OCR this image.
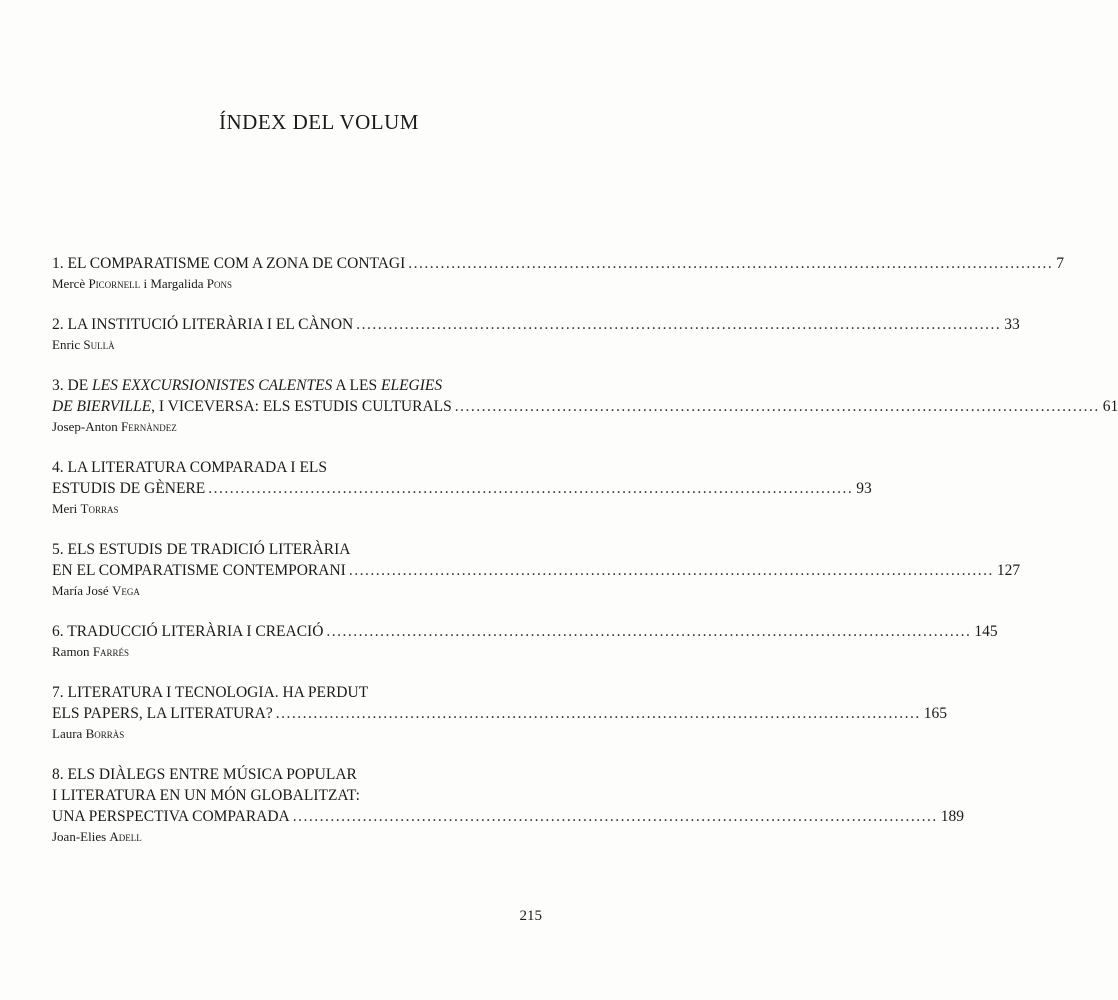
ÍNDEX DEL VOLUM
1. EL COMPARATISME COM A ZONA DE CONTAGI ........................................................................................................................ 7
Mercè Picornell i Margalida Pons
2. LA INSTITUCIÓ LITERÀRIA I EL CÀNON ........................................................................................................................ 33
Enric Sullà
3. DE LES EXXCURSIONISTES CALENTES A LES ELEGIES
DE BIERVILLE, I VICEVERSA: ELS ESTUDIS CULTURALS ........................................................................................................................ 61
Josep-Anton Fernàndez
4. LA LITERATURA COMPARADA I ELS
ESTUDIS DE GÈNERE ........................................................................................................................ 93
Meri Torras
5. ELS ESTUDIS DE TRADICIÓ LITERÀRIA
EN EL COMPARATISME CONTEMPORANI ........................................................................................................................ 127
María José Vega
6. TRADUCCIÓ LITERÀRIA I CREACIÓ ........................................................................................................................ 145
Ramon Farrés
7. LITERATURA I TECNOLOGIA. HA PERDUT
ELS PAPERS, LA LITERATURA? ........................................................................................................................ 165
Laura Borràs
8. ELS DIÀLEGS ENTRE MÚSICA POPULAR
I LITERATURA EN UN MÓN GLOBALITZAT:
UNA PERSPECTIVA COMPARADA ........................................................................................................................ 189
Joan-Elies Adell
215
